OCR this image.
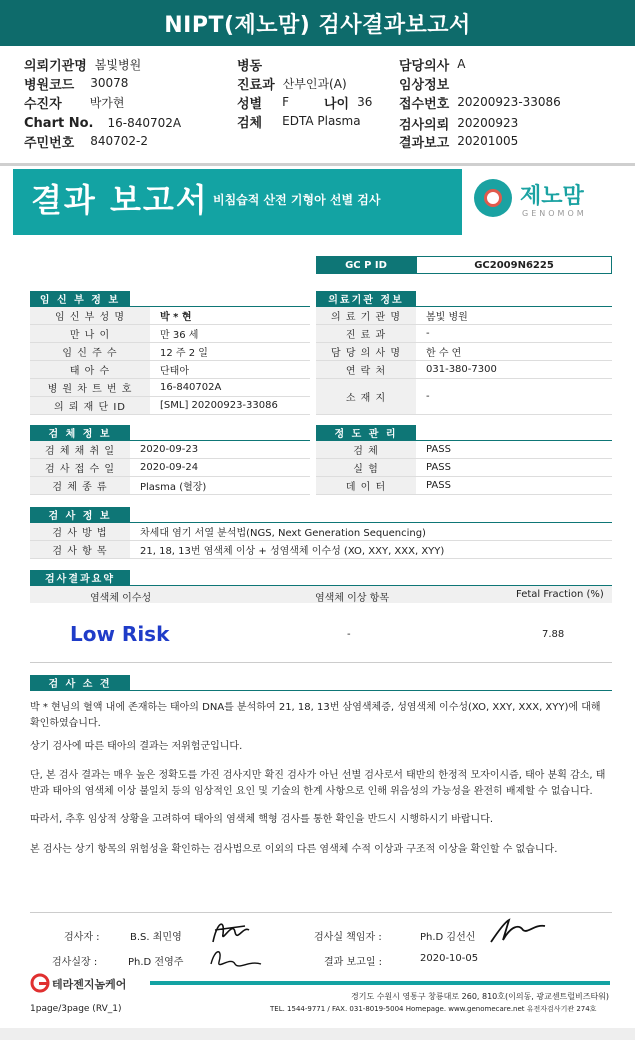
NIPT(제노맘) 검사결과보고서
의뢰기관명 봄빛병원
병원코드 30078
수진자 박가현
Chart No. 16-840702A
주민번호 840702-2
병동
진료과 산부인과(A)
성별 F	나이 36
검체 EDTA Plasma
담당의사 A
임상정보
접수번호 20200923-33086
검사의뢰 20200923
결과보고 20201005
결과 보고서 비침습적 산전 기형아 선별 검사	제노맘
GENOMOM
GC P ID	GC2009N6225
임 신 부 정 보
임 신 부 성 명	박 * 현
만 나 이	만 36 세
임 신 주 수	12 주 2 일
태 아 수	단태아
병 원 차 트 번 호	16-840702A
의 뢰 재 단 ID	[SML] 20200923-33086
의료기관 정보
의 료 기 관 명	봄빛 병원
진 료 과	-
담 당 의 사 명	한 수 연
연 락 처	031-380-7300
소 재 지	-
검 체 정 보
검 체 채 취 일	2020-09-23
검 사 접 수 일	2020-09-24
검 체 종 류	Plasma (혈장)
정 도 관 리
검 체	PASS
실 험	PASS
데 이 터	PASS
검 사 정 보
검 사 방 법	차세대 염기 서열 분석법(NGS, Next Generation Sequencing)
검 사 항 목	21, 18, 13번 염색체 이상 + 성염색체 이수성 (XO, XXY, XXX, XYY)
검사결과요약
염색체 이수성	염색체 이상 항목	Fetal Fraction (%)
Low Risk	-	7.88
검 사 소 견
박 * 현님의 혈액 내에 존재하는 태아의 DNA를 분석하여 21, 18, 13번 삼염색체증, 성염색체 이수성(XO, XXY, XXX, XYY)에 대해 확인하였습니다.
상기 검사에 따른 태아의 결과는 저위험군입니다.
단, 본 검사 결과는 매우 높은 정확도를 가진 검사지만 확진 검사가 아닌 선별 검사로서 태반의 한정적 모자이시즘, 태아 분획 감소, 태반과 태아의 염색체 이상 불일치 등의 임상적인 요인 및 기술의 한계 사항으로 인해 위음성의 가능성을 완전히 배제할 수 없습니다.
따라서, 추후 임상적 상황을 고려하여 태아의 염색체 핵형 검사를 통한 확인을 반드시 시행하시기 바랍니다.
본 검사는 상기 항목의 위험성을 확인하는 검사법으로 이외의 다른 염색체 수적 이상과 구조적 이상을 확인할 수 없습니다.
검사자 :	B.S. 최민영
검사실장 :	Ph.D 전영주
검사실 책임자 :	Ph.D 김선신
결과 보고일 :	2020-10-05
테라젠지놈케어
경기도 수원시 영통구 창룡대로 260, 810호(이의동, 광교센트럴비즈타워)
1page/3page (RV_1)	TEL. 1544-9771 / FAX. 031-8019-5004 Homepage. www.genomecare.net 유전자검사기관 274호
